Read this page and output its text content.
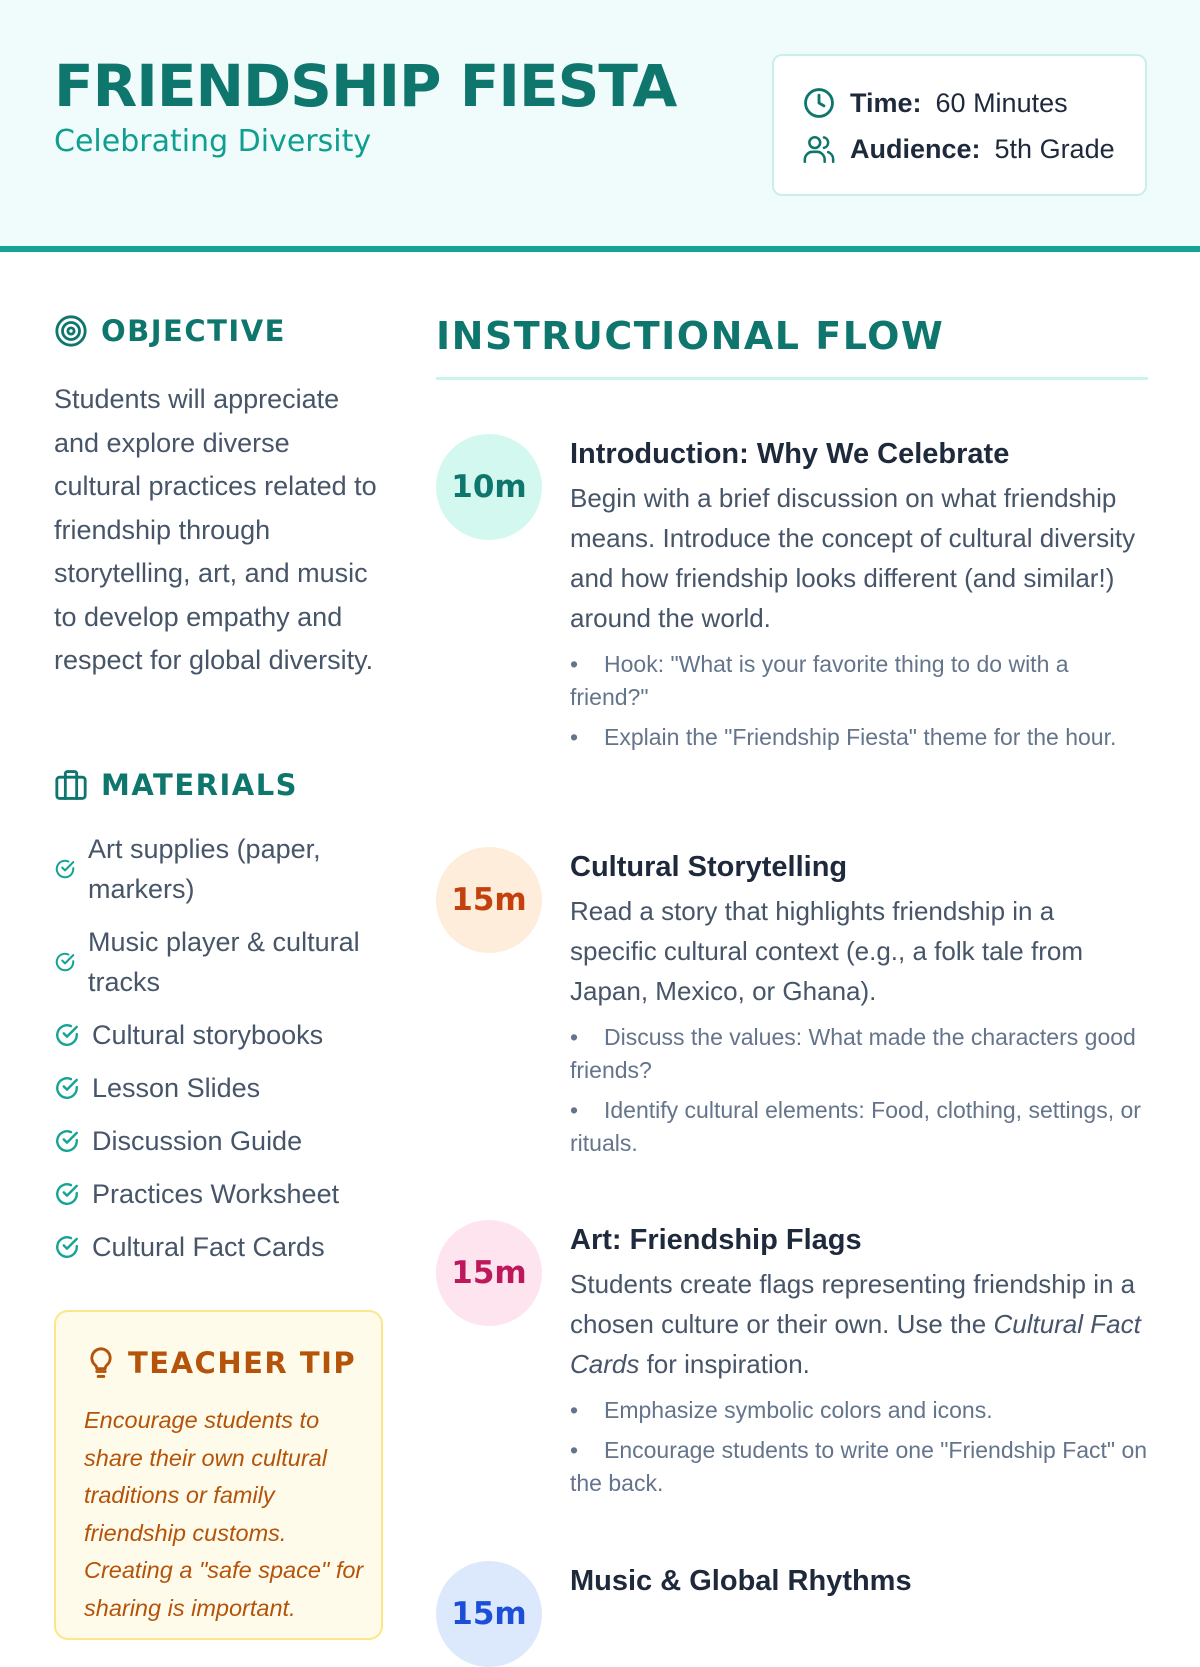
FRIENDSHIP FIESTA
Celebrating Diversity
Time: 60 Minutes
Audience: 5th Grade
OBJECTIVE

Students will appreciate and explore diverse cultural practices related to friendship through storytelling, art, and music to develop empathy and respect for global diversity.

MATERIALS
Art supplies (paper, markers)
Music player & cultural tracks
Cultural storybooks
Lesson Slides
Discussion Guide
Practices Worksheet
Cultural Fact Cards
TEACHER TIP

Encourage students to share their own cultural traditions or family friendship customs. Creating a "safe space" for sharing is important.

INSTRUCTIONAL FLOW
10m
Introduction: Why We Celebrate

Begin with a brief discussion on what friendship means. Introduce the concept of cultural diversity and how friendship looks different (and similar!) around the world.

• Hook: "What is your favorite thing to do with a friend?"
• Explain the "Friendship Fiesta" theme for the hour.
15m
Cultural Storytelling

Read a story that highlights friendship in a specific cultural context (e.g., a folk tale from Japan, Mexico, or Ghana).

• Discuss the values: What made the characters good friends?
• Identify cultural elements: Food, clothing, settings, or rituals.
15m
Art: Friendship Flags

Students create flags representing friendship in a chosen culture or their own. Use the Cultural Fact Cards for inspiration.

• Emphasize symbolic colors and icons.
• Encourage students to write one "Friendship Fact" on the back.
15m
Music & Global Rhythms
